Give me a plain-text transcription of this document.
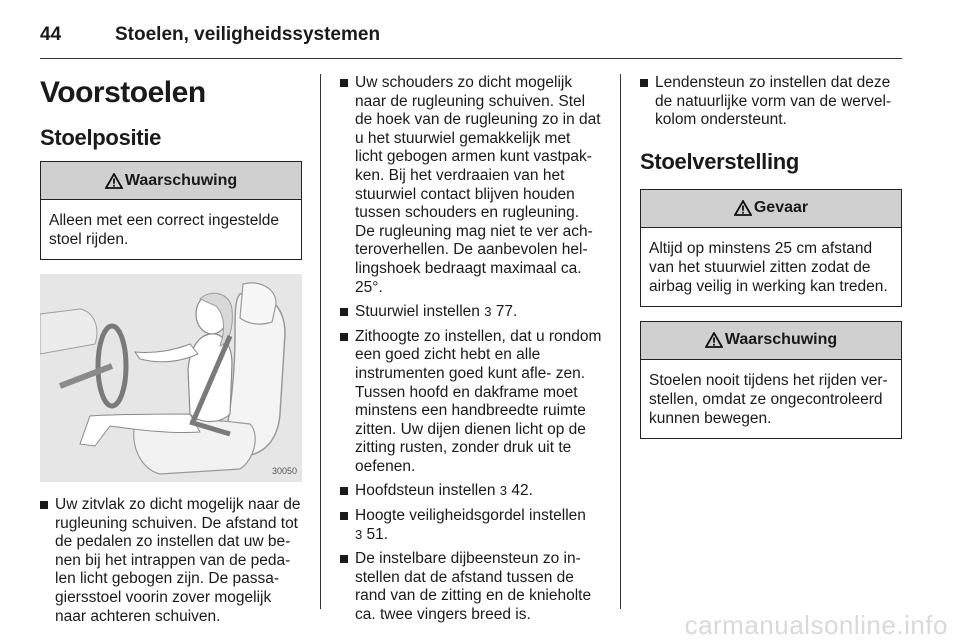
44	Stoelen, veiligheidssystemen
Voorstoelen
Stoelpositie
Waarschuwing
Alleen met een correct ingestelde stoel rijden.
30050
Uw zitvlak zo dicht mogelijk naar de rugleuning schuiven. De afstand tot de pedalen zo instellen dat uw be- nen bij het intrappen van de peda- len licht gebogen zijn. De passa- giersstoel voorin zover mogelijk naar achteren schuiven.
Uw schouders zo dicht mogelijk naar de rugleuning schuiven. Stel de hoek van de rugleuning zo in dat u het stuurwiel gemakkelijk met licht gebogen armen kunt vastpak- ken. Bij het verdraaien van het stuurwiel contact blijven houden tussen schouders en rugleuning. De rugleuning mag niet te ver ach- teroverhellen. De aanbevolen hel- lingshoek bedraagt maximaal ca. 25°.
Stuurwiel instellen 3 77.
Zithoogte zo instellen, dat u rondom een goed zicht hebt en alle instrumenten goed kunt afle- zen. Tussen hoofd en dakframe moet minstens een handbreedte ruimte zitten. Uw dijen dienen licht op de zitting rusten, zonder druk uit te oefenen.
Hoofdsteun instellen 3 42.
Hoogte veiligheidsgordel instellen
3 51.
De instelbare dijbeensteun zo in- stellen dat de afstand tussen de rand van de zitting en de knieholte ca. twee vingers breed is.
Lendensteun zo instellen dat deze de natuurlijke vorm van de wervel- kolom ondersteunt.
Stoelverstelling
Gevaar
Altijd op minstens 25 cm afstand van het stuurwiel zitten zodat de airbag veilig in werking kan treden.
Waarschuwing
Stoelen nooit tijdens het rijden ver- stellen, omdat ze ongecontroleerd kunnen bewegen.
carmanualsonline.info
